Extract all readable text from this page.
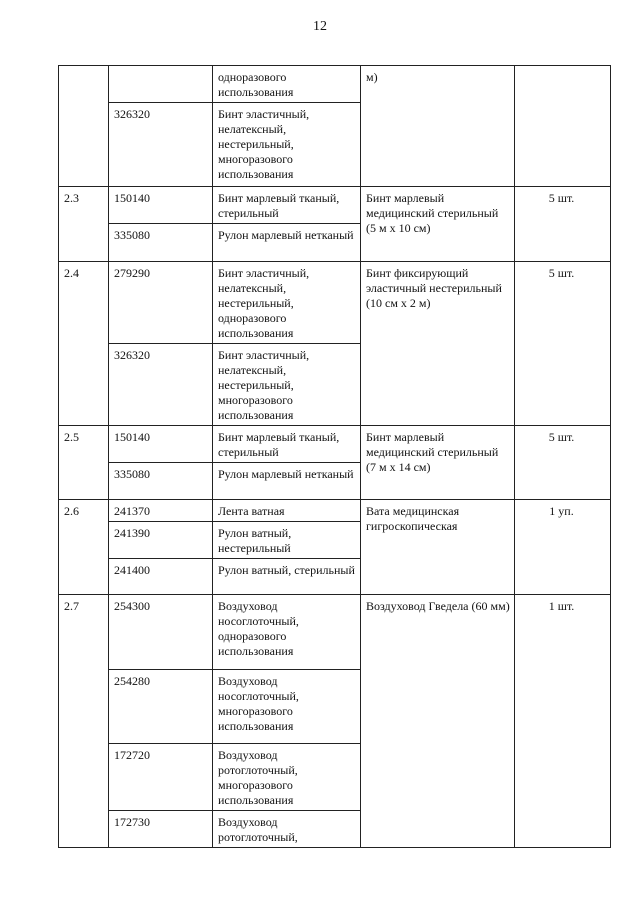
12
		одноразового использования	м)	
	326320	Бинт эластичный, нелатексный, нестерильный, многоразового использования		
2.3	150140	Бинт марлевый тканый, стерильный	Бинт марлевый медицинский стерильный (5 м х 10 см)	5 шт.
	335080	Рулон марлевый нетканый		
2.4	279290	Бинт эластичный, нелатексный, нестерильный, одноразового использования	Бинт фиксирующий эластичный нестерильный (10 см х 2 м)	5 шт.
	326320	Бинт эластичный, нелатексный, нестерильный, многоразового использования		
2.5	150140	Бинт марлевый тканый, стерильный	Бинт марлевый медицинский стерильный (7 м х 14 см)	5 шт.
	335080	Рулон марлевый нетканый		
2.6	241370	Лента ватная	Вата медицинская гигроскопическая	1 уп.
	241390	Рулон ватный, нестерильный		
	241400	Рулон ватный, стерильный		
2.7	254300	Воздуховод носоглоточный, одноразового использования	Воздуховод Гведела (60 мм)	1 шт.
	254280	Воздуховод носоглоточный, многоразового использования		
	172720	Воздуховод ротоглоточный, многоразового использования		
	172730	Воздуховод ротоглоточный,		
